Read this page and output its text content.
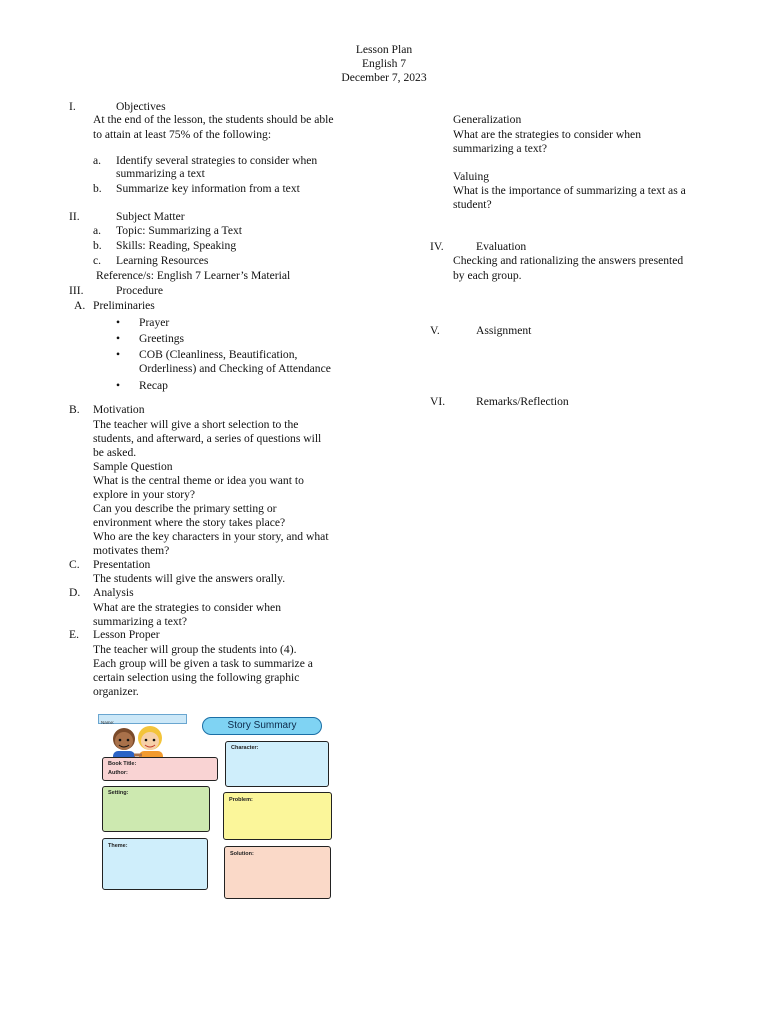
Lesson Plan
English 7
December 7, 2023
I.	Objectives
At the end of the lesson, the students should be able
to attain at least 75% of the following:
a. Identify several strategies to consider when
summarizing a text
b. Summarize key information from a text
II.	Subject Matter
a. Topic: Summarizing a Text
b. Skills: Reading, Speaking
c. Learning Resources
Reference/s: English 7 Learner’s Material
III.	Procedure
A. Preliminaries
• Prayer
• Greetings
• COB (Cleanliness, Beautification,
Orderliness) and Checking of Attendance
• Recap
B. Motivation
The teacher will give a short selection to the
students, and afterward, a series of questions will
be asked.
Sample Question
What is the central theme or idea you want to
explore in your story?
Can you describe the primary setting or
environment where the story takes place?
Who are the key characters in your story, and what
motivates them?
C. Presentation
The students will give the answers orally.
D. Analysis
What are the strategies to consider when
summarizing a text?
E. Lesson Proper
The teacher will group the students into (4).
Each group will be given a task to summarize a
certain selection using the following graphic
organizer.
Name:	Story Summary
Book Title:
Author:
Character:
Setting:
Problem:
Theme:
Solution:
Generalization
What are the strategies to consider when
summarizing a text?
Valuing
What is the importance of summarizing a text as a
student?
IV.	Evaluation
Checking and rationalizing the answers presented
by each group.
V.	Assignment
VI.	Remarks/Reflection
